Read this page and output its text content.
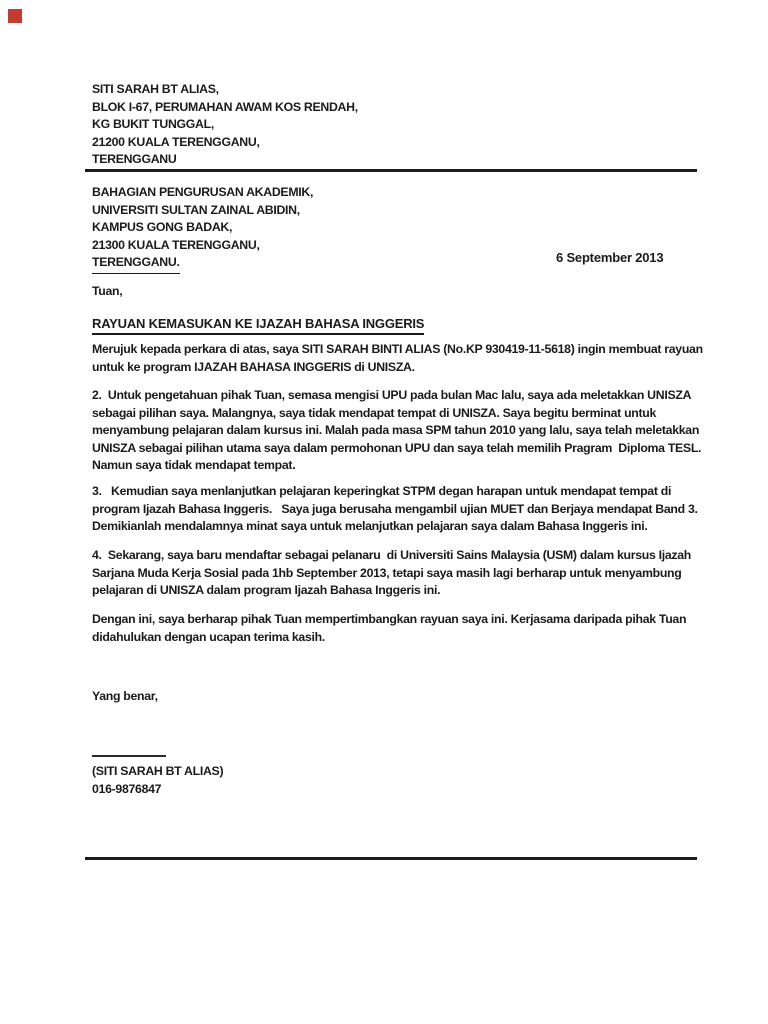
SITI SARAH BT ALIAS,
BLOK I-67, PERUMAHAN AWAM KOS RENDAH,
KG BUKIT TUNGGAL,
21200 KUALA TERENGGANU,
TERENGGANU
BAHAGIAN PENGURUSAN AKADEMIK,
UNIVERSITI SULTAN ZAINAL ABIDIN,
KAMPUS GONG BADAK,
21300 KUALA TERENGGANU,
TERENGGANU.	6 September 2013
Tuan,
RAYUAN KEMASUKAN KE IJAZAH BAHASA INGGERIS
Merujuk kepada perkara di atas, saya SITI SARAH BINTI ALIAS (No.KP 930419-11-5618) ingin membuat rayuan
untuk ke program IJAZAH BAHASA INGGERIS di UNISZA.
2.  Untuk pengetahuan pihak Tuan, semasa mengisi UPU pada bulan Mac lalu, saya ada meletakkan UNISZA
sebagai pilihan saya. Malangnya, saya tidak mendapat tempat di UNISZA. Saya begitu berminat untuk
menyambung pelajaran dalam kursus ini. Malah pada masa SPM tahun 2010 yang lalu, saya telah meletakkan
UNISZA sebagai pilihan utama saya dalam permohonan UPU dan saya telah memilih Pragram  Diploma TESL.
Namun saya tidak mendapat tempat.
3.   Kemudian saya menlanjutkan pelajaran keperingkat STPM degan harapan untuk mendapat tempat di
program Ijazah Bahasa Inggeris.   Saya juga berusaha mengambil ujian MUET dan Berjaya mendapat Band 3.
Demikianlah mendalamnya minat saya untuk melanjutkan pelajaran saya dalam Bahasa Inggeris ini.
4.  Sekarang, saya baru mendaftar sebagai pelanaru  di Universiti Sains Malaysia (USM) dalam kursus Ijazah
Sarjana Muda Kerja Sosial pada 1hb September 2013, tetapi saya masih lagi berharap untuk menyambung
pelajaran di UNISZA dalam program Ijazah Bahasa Inggeris ini.
Dengan ini, saya berharap pihak Tuan mempertimbangkan rayuan saya ini. Kerjasama daripada pihak Tuan
didahulukan dengan ucapan terima kasih.
Yang benar,
(SITI SARAH BT ALIAS)
016-9876847
